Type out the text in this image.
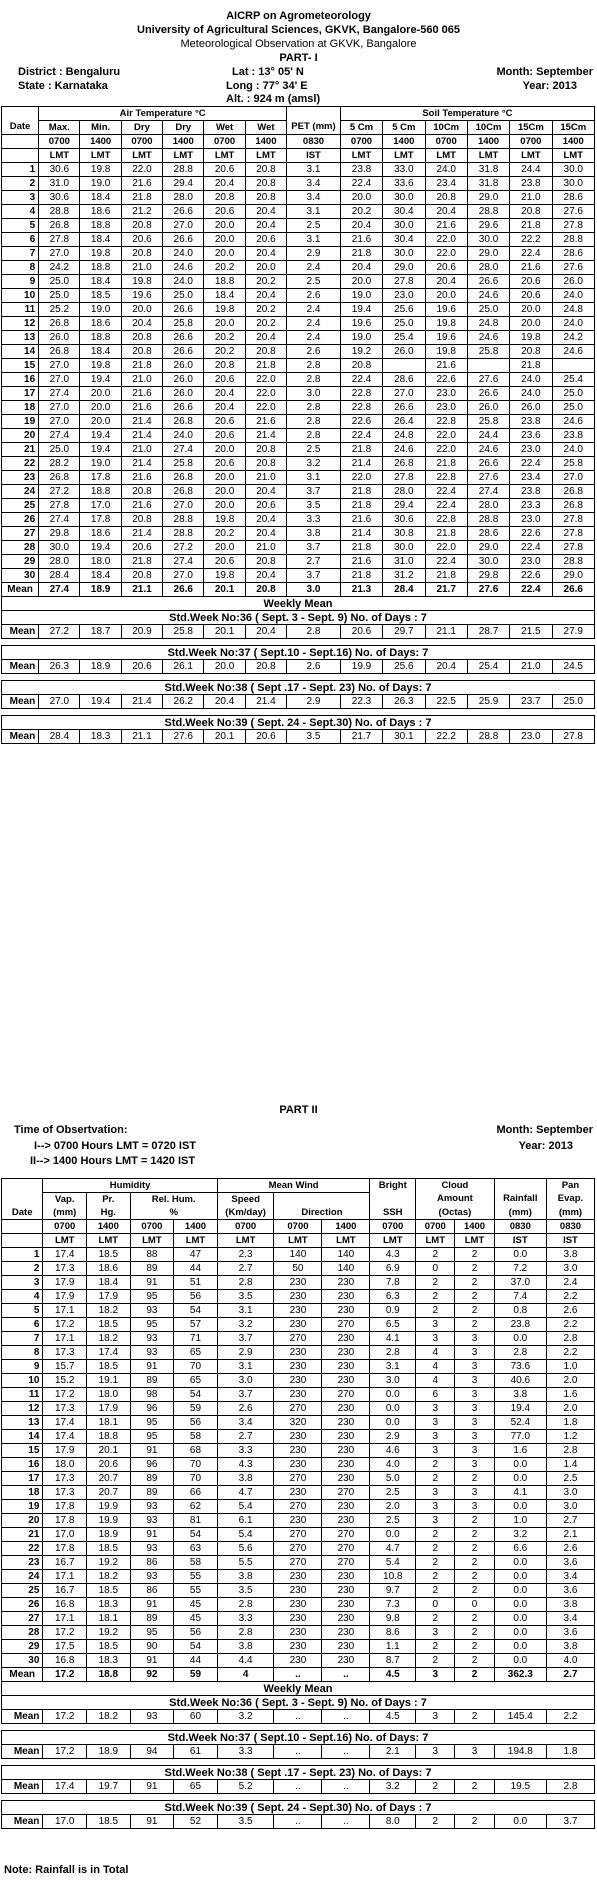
AICRP on Agrometeorology
University of Agricultural Sciences, GKVK, Bangalore-560 065
Meteorological Observation at GKVK, Bangalore
PART- I
District : Bengaluru
State : Karnataka
Lat : 13° 05' N
Long : 77° 34' E
Alt. : 924 m (amsl)
Month: September
Year: 2013
	Air Temperature °C							Soil Temperature °C					
Date	Max.	Min.	Dry	Dry	Wet	Wet	PET (mm)	5 Cm	5 Cm	10Cm	10Cm	15Cm	15Cm
	0700	1400	0700	1400	0700	1400	0830	0700	1400	0700	1400	0700	1400
	LMT	LMT	LMT	LMT	LMT	LMT	IST	LMT	LMT	LMT	LMT	LMT	LMT
1	30.6	19.8	22.0	28.8	20.6	20.8	3.1	23.8	33.0	24.0	31.8	24.4	30.0
2	31.0	19.0	21.6	29.4	20.4	20.8	3.4	22.4	33.6	23.4	31.8	23.8	30.0
3	30.6	18.4	21.8	28.0	20.8	20.8	3.4	20.0	30.0	20.8	29.0	21.0	28.6
4	28.8	18.6	21.2	26.6	20.6	20.4	3.1	20.2	30.4	20.4	28.8	20.8	27.6
5	26.8	18.8	20.8	27.0	20.0	20.4	2.5	20.4	30.0	21.6	29.6	21.8	27.8
6	27.8	18.4	20.6	26.6	20.0	20.6	3.1	21.6	30.4	22.0	30.0	22.2	28.8
7	27.0	19.8	20.8	24.0	20.0	20.4	2.9	21.8	30.0	22.0	29.0	22.4	28.6
8	24.2	18.8	21.0	24.6	20.2	20.0	2.4	20.4	29.0	20.6	28.0	21.6	27.6
9	25.0	18.4	19.8	24.0	18.8	20.2	2.5	20.0	27.8	20.4	26.6	20.6	26.0
10	25.0	18.5	19.6	25.0	18.4	20.4	2.6	19.0	23.0	20.0	24.6	20.6	24.0
11	25.2	19.0	20.0	26.6	19.8	20.2	2.4	19.4	25.6	19.6	25.0	20.0	24.8
12	26.8	18.6	20.4	25.8	20.0	20.2	2.4	19.6	25.0	19.8	24.8	20.0	24.0
13	26.0	18.8	20.8	26.6	20.2	20.4	2.4	19.0	25.4	19.6	24.6	19.8	24.2
14	26.8	18.4	20.8	26.6	20.2	20.8	2.6	19.2	26.0	19.8	25.8	20.8	24.6
15	27.0	19.8	21.8	26.0	20.8	21.8	2.8	20.8		21.6		21.8	
16	27.0	19.4	21.0	26.0	20.6	22.0	2.8	22.4	28.6	22.6	27.6	24.0	25.4
17	27.4	20.0	21.6	26.0	20.4	22.0	3.0	22.8	27.0	23.0	26.6	24.0	25.0
18	27.0	20.0	21.6	26.6	20.4	22.0	2.8	22.8	26.6	23.0	26.0	26.0	25.0
19	27.0	20.0	21.4	26.8	20.6	21.6	2.8	22.6	26.4	22.8	25.8	23.8	24.6
20	27.4	19.4	21.4	24.0	20.6	21.4	2.8	22.4	24.8	22.0	24.4	23.6	23.8
21	25.0	19.4	21.0	27.4	20.0	20.8	2.5	21.8	24.6	22.0	24.6	23.0	24.0
22	28.2	19.0	21.4	25.8	20.6	20.8	3.2	21.4	26.8	21.8	26.6	22.4	25.8
23	26.8	17.8	21.6	26.8	20.0	21.0	3.1	22.0	27.8	22.8	27.6	23.4	27.0
24	27.2	18.8	20.8	26.8	20.0	20.4	3.7	21.8	28.0	22.4	27.4	23.8	26.8
25	27.8	17.0	21.6	27.0	20.0	20.6	3.5	21.8	29.4	22.4	28.0	23.3	26.8
26	27.4	17.8	20.8	28.8	19.8	20.4	3.3	21.6	30.6	22.8	28.8	23.0	27.8
27	29.8	18.6	21.4	28.8	20.2	20.4	3.8	21.4	30.8	21.8	28.6	22.6	27.8
28	30.0	19.4	20.6	27.2	20.0	21.0	3.7	21.8	30.0	22.0	29.0	22.4	27.8
29	28.0	18.0	21.8	27.4	20.6	20.8	2.7	21.6	31.0	22.4	30.0	23.0	28.8
30	28.4	18.4	20.8	27.0	19.8	20.4	3.7	21.8	31.2	21.8	29.8	22.6	29.0
Mean	27.4	18.9	21.1	26.6	20.1	20.8	3.0	21.3	28.4	21.7	27.6	22.4	26.6
Weekly Mean													
Std.Week No:36 ( Sept. 3 - Sept. 9) No. of Days : 7													
Mean	27.2	18.7	20.9	25.8	20.1	20.4	2.8	20.6	29.7	21.1	28.7	21.5	27.9

Std.Week No:37 ( Sept.10 - Sept.16) No. of Days: 7													
Mean	26.3	18.9	20.6	26.1	20.0	20.8	2.6	19.9	25.6	20.4	25.4	21.0	24.5

Std.Week No:38 ( Sept .17 - Sept. 23) No. of Days: 7													
Mean	27.0	19.4	21.4	26.2	20.4	21.4	2.9	22.3	26.3	22.5	25.9	23.7	25.0

Std.Week No:39 ( Sept. 24 - Sept.30) No. of Days : 7													
Mean	28.4	18.3	21.1	27.6	20.1	20.6	3.5	21.7	30.1	22.2	28.8	23.0	27.8
PART II
Time of Obsertvation:
I--> 0700 Hours LMT = 0720 IST
II--> 1400 Hours LMT = 1420 IST
Month: September
Year: 2013
	Humidity				Mean Wind			Bright	Cloud			Pan
	Vap.	Pr.	Rel. Hum.		Speed				Amount		Rainfall	Evap.
Date	(mm)	Hg.	%		(Km/day)	Direction		SSH	(Octas)		(mm)	(mm)
	0700	1400	0700	1400	0700	0700	1400	0700	0700	1400	0830	0830
	LMT	LMT	LMT	LMT	LMT	LMT	LMT	LMT	LMT	LMT	IST	IST
1	17.4	18.5	88	47	2.3	140	140	4.3	2	2	0.0	3.8
2	17.3	18.6	89	44	2.7	50	140	6.9	0	2	7.2	3.0
3	17.9	18.4	91	51	2.8	230	230	7.8	2	2	37.0	2.4
4	17.9	17.9	95	56	3.5	230	230	6.3	2	2	7.4	2.2
5	17.1	18.2	93	54	3.1	230	230	0.9	2	2	0.8	2.6
6	17.2	18.5	95	57	3.2	230	270	6.5	3	2	23.8	2.2
7	17.1	18.2	93	71	3.7	270	230	4.1	3	3	0.0	2.8
8	17.3	17.4	93	65	2.9	230	230	2.8	4	3	2.8	2.2
9	15.7	18.5	91	70	3.1	230	230	3.1	4	3	73.6	1.0
10	15.2	19.1	89	65	3.0	230	230	3.0	4	3	40.6	2.0
11	17.2	18.0	98	54	3.7	230	270	0.0	6	3	3.8	1.6
12	17.3	17.9	96	59	2.6	270	230	0.0	3	3	19.4	2.0
13	17.4	18.1	95	56	3.4	320	230	0.0	3	3	52.4	1.8
14	17.4	18.8	95	58	2.7	230	230	2.9	3	3	77.0	1.2
15	17.9	20.1	91	68	3.3	230	230	4.6	3	3	1.6	2.8
16	18.0	20.6	96	70	4.3	230	230	4.0	2	3	0.0	1.4
17	17.3	20.7	89	70	3.8	270	230	5.0	2	2	0.0	2.5
18	17.3	20.7	89	66	4.7	230	270	2.5	3	3	4.1	3.0
19	17.8	19.9	93	62	5.4	270	230	2.0	3	3	0.0	3.0
20	17.8	19.9	93	81	6.1	230	230	2.5	3	2	1.0	2.7
21	17.0	18.9	91	54	5.4	270	270	0.0	2	2	3.2	2.1
22	17.8	18.5	93	63	5.6	270	270	4.7	2	2	6.6	2.6
23	16.7	19.2	86	58	5.5	270	270	5.4	2	2	0.0	3.6
24	17.1	18.2	93	55	3.8	230	230	10.8	2	2	0.0	3.4
25	16.7	18.5	86	55	3.5	230	230	9.7	2	2	0.0	3.6
26	16.8	18.3	91	45	2.8	230	230	7.3	0	0	0.0	3.8
27	17.1	18.1	89	45	3.3	230	230	9.8	2	2	0.0	3.4
28	17.2	19.2	95	56	2.8	230	230	8.6	3	2	0.0	3.6
29	17.5	18.5	90	54	3.8	230	230	1.1	2	2	0.0	3.8
30	16.8	18.3	91	44	4.4	230	230	8.7	2	2	0.0	4.0
Mean	17.2	18.8	92	59	4	..	..	4.5	3	2	362.3	2.7
Weekly Mean												
Std.Week No:36 ( Sept. 3 - Sept. 9) No. of Days : 7												
Mean	17.2	18.2	93	60	3.2	..	..	4.5	3	2	145.4	2.2

Std.Week No:37 ( Sept.10 - Sept.16) No. of Days: 7												
Mean	17.2	18.9	94	61	3.3	..	..	2.1	3	3	194.8	1.8

Std.Week No:38 ( Sept .17 - Sept. 23) No. of Days: 7												
Mean	17.4	19.7	91	65	5.2	..	..	3.2	2	2	19.5	2.8

Std.Week No:39 ( Sept. 24 - Sept.30) No. of Days : 7												
Mean	17.0	18.5	91	52	3.5	..	..	8.0	2	2	0.0	3.7
Note: Rainfall is in Total
